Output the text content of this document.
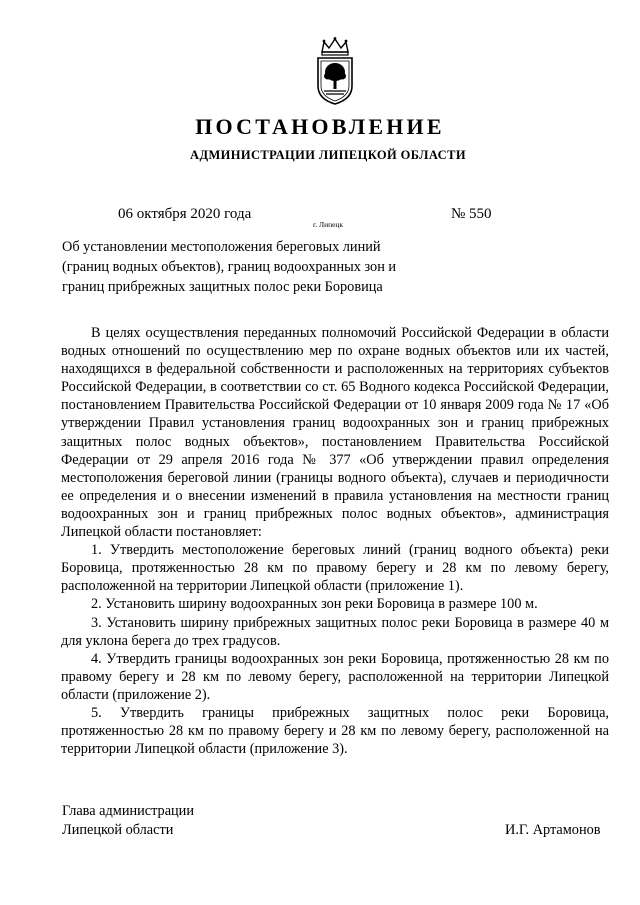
ПОСТАНОВЛЕНИЕ
АДМИНИСТРАЦИИ ЛИПЕЦКОЙ ОБЛАСТИ
06 октября 2020 года
г. Липецк
№ 550
Об установлении местоположения береговых линий
(границ водных объектов), границ водоохранных зон и
границ прибрежных защитных полос реки Боровица

В целях осуществления переданных полномочий Российской Федерации в области водных отношений по осуществлению мер по охране водных объектов или их частей, находящихся в федеральной собственности и расположенных на территориях субъектов Российской Федерации, в соответствии со ст. 65 Водного кодекса Российской Федерации, постановлением Правительства Российской Федерации от 10 января 2009 года № 17 «Об утверждении Правил установления границ водоохранных зон и границ прибрежных защитных полос водных объектов», постановлением Правительства Российской Федерации от 29 апреля 2016 года № 377 «Об утверждении правил определения местоположения береговой линии (границы водного объекта), случаев и периодичности ее определения и о внесении изменений в правила установления на местности границ водоохранных зон и границ прибрежных полос водных объектов», администрация Липецкой области постановляет:

1. Утвердить местоположение береговых линий (границ водного объекта) реки Боровица, протяженностью 28 км по правому берегу и 28 км по левому берегу, расположенной на территории Липецкой области (приложение 1).

2. Установить ширину водоохранных зон реки Боровица в размере 100 м.

3. Установить ширину прибрежных защитных полос реки Боровица в размере 40 м для уклона берега до трех градусов.

4. Утвердить границы водоохранных зон реки Боровица, протяженностью 28 км по правому берегу и 28 км по левому берегу, расположенной на территории Липецкой области (приложение 2).

5. Утвердить границы прибрежных защитных полос реки Боровица, протяженностью 28 км по правому берегу и 28 км по левому берегу, расположенной на территории Липецкой области (приложение 3).

Глава администрации
Липецкой области	И.Г. Артамонов
